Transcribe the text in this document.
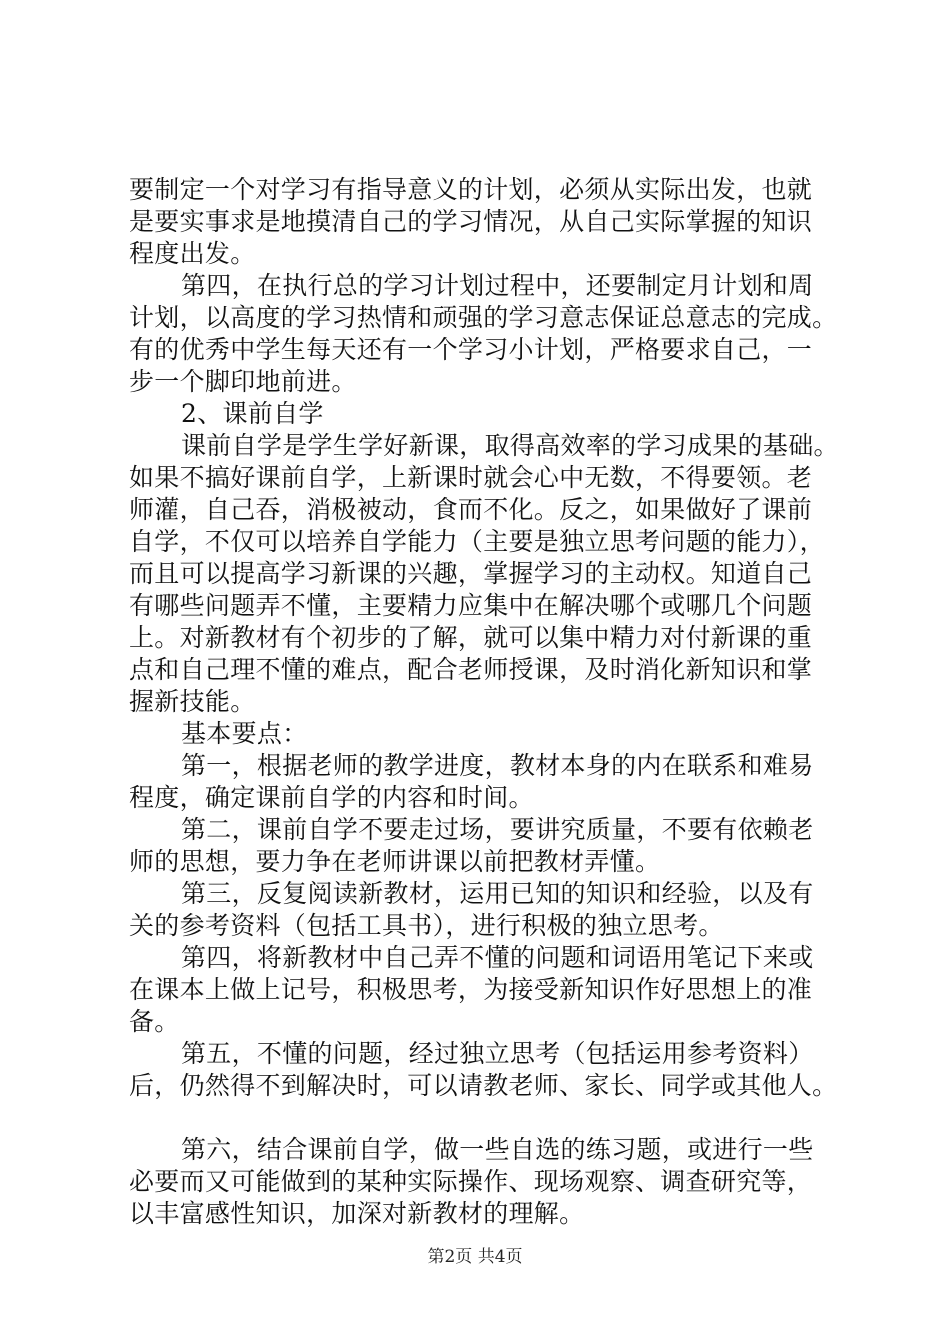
要制定一个对学习有指导意义的计划，必须从实际出发，也就
是要实事求是地摸清自己的学习情况，从自己实际掌握的知识
程度出发。
第四，在执行总的学习计划过程中，还要制定月计划和周
计划，以高度的学习热情和顽强的学习意志保证总意志的完成。
有的优秀中学生每天还有一个学习小计划，严格要求自己，一
步一个脚印地前进。
2、课前自学
课前自学是学生学好新课，取得高效率的学习成果的基础。
如果不搞好课前自学，上新课时就会心中无数，不得要领。老
师灌，自己吞，消极被动，食而不化。反之，如果做好了课前
自学，不仅可以培养自学能力（主要是独立思考问题的能力），
而且可以提高学习新课的兴趣，掌握学习的主动权。知道自己
有哪些问题弄不懂，主要精力应集中在解决哪个或哪几个问题
上。对新教材有个初步的了解，就可以集中精力对付新课的重
点和自己理不懂的难点，配合老师授课，及时消化新知识和掌
握新技能。
基本要点：
第一，根据老师的教学进度，教材本身的内在联系和难易
程度，确定课前自学的内容和时间。
第二，课前自学不要走过场，要讲究质量，不要有依赖老
师的思想，要力争在老师讲课以前把教材弄懂。
第三，反复阅读新教材，运用已知的知识和经验，以及有
关的参考资料（包括工具书），进行积极的独立思考。
第四，将新教材中自己弄不懂的问题和词语用笔记下来或
在课本上做上记号，积极思考，为接受新知识作好思想上的准
备。
第五，不懂的问题，经过独立思考（包括运用参考资料）
后，仍然得不到解决时，可以请教老师、家长、同学或其他人。
第六，结合课前自学，做一些自选的练习题，或进行一些
必要而又可能做到的某种实际操作、现场观察、调查研究等，
以丰富感性知识，加深对新教材的理解。
第2页 共4页
